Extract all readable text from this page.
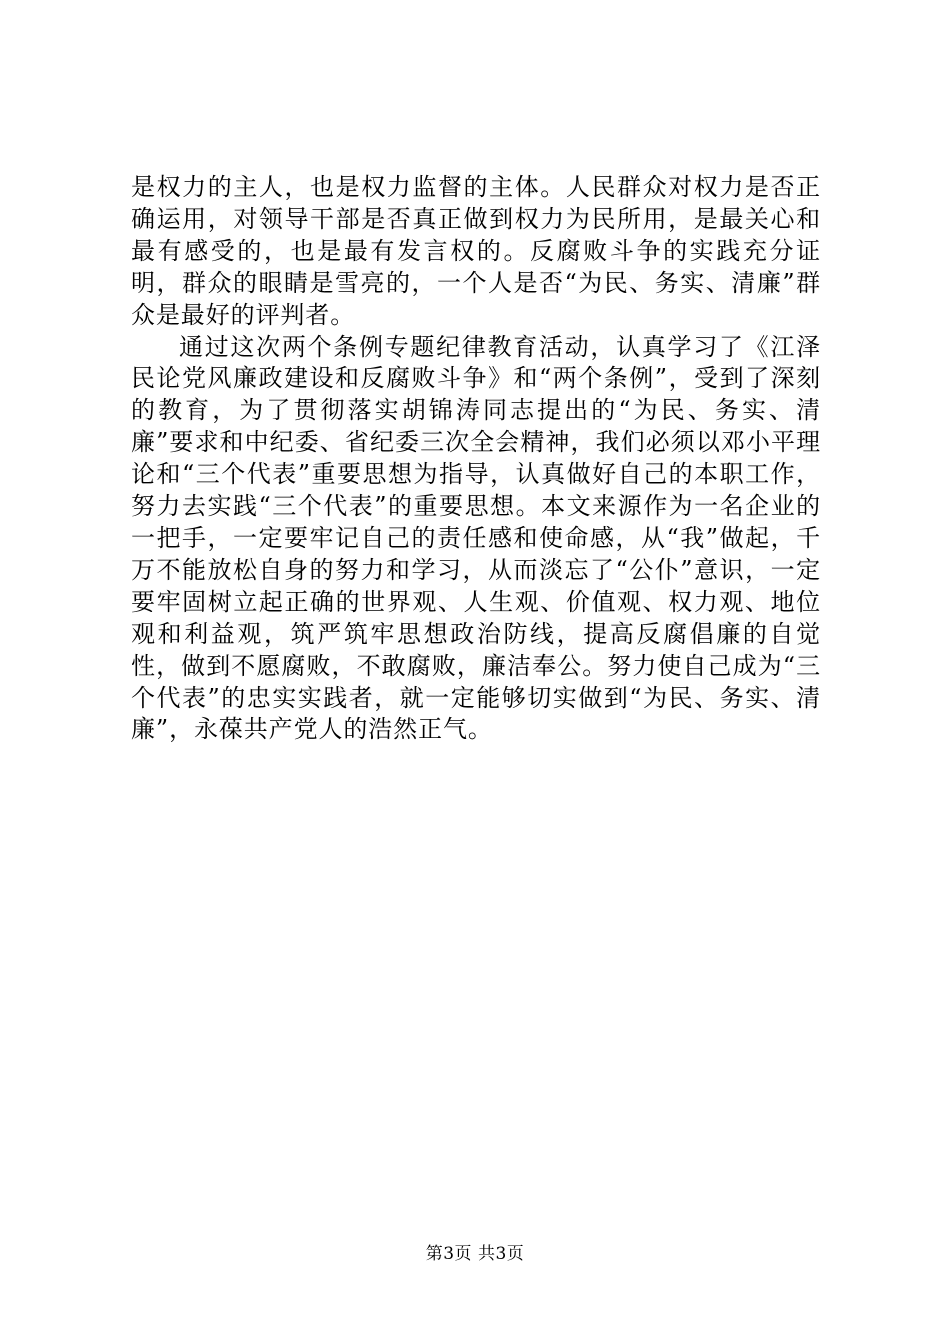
是权力的主人，也是权力监督的主体。人民群众对权力是否正确运用，对领导干部是否真正做到权力为民所用，是最关心和最有感受的，也是最有发言权的。反腐败斗争的实践充分证明，群众的眼睛是雪亮的，一个人是否“为民、务实、清廉”群众是最好的评判者。

通过这次两个条例专题纪律教育活动，认真学习了《江泽民论党风廉政建设和反腐败斗争》和“两个条例”，受到了深刻的教育，为了贯彻落实胡锦涛同志提出的“为民、务实、清廉”要求和中纪委、省纪委三次全会精神，我们必须以邓小平理论和“三个代表”重要思想为指导，认真做好自己的本职工作，努力去实践“三个代表”的重要思想。本文来源作为一名企业的一把手，一定要牢记自己的责任感和使命感，从“我”做起，千万不能放松自身的努力和学习，从而淡忘了“公仆”意识，一定要牢固树立起正确的世界观、人生观、价值观、权力观、地位观和利益观，筑严筑牢思想政治防线，提高反腐倡廉的自觉性，做到不愿腐败，不敢腐败，廉洁奉公。努力使自己成为“三个代表”的忠实实践者，就一定能够切实做到“为民、务实、清廉”，永葆共产党人的浩然正气。

第3页 共3页
